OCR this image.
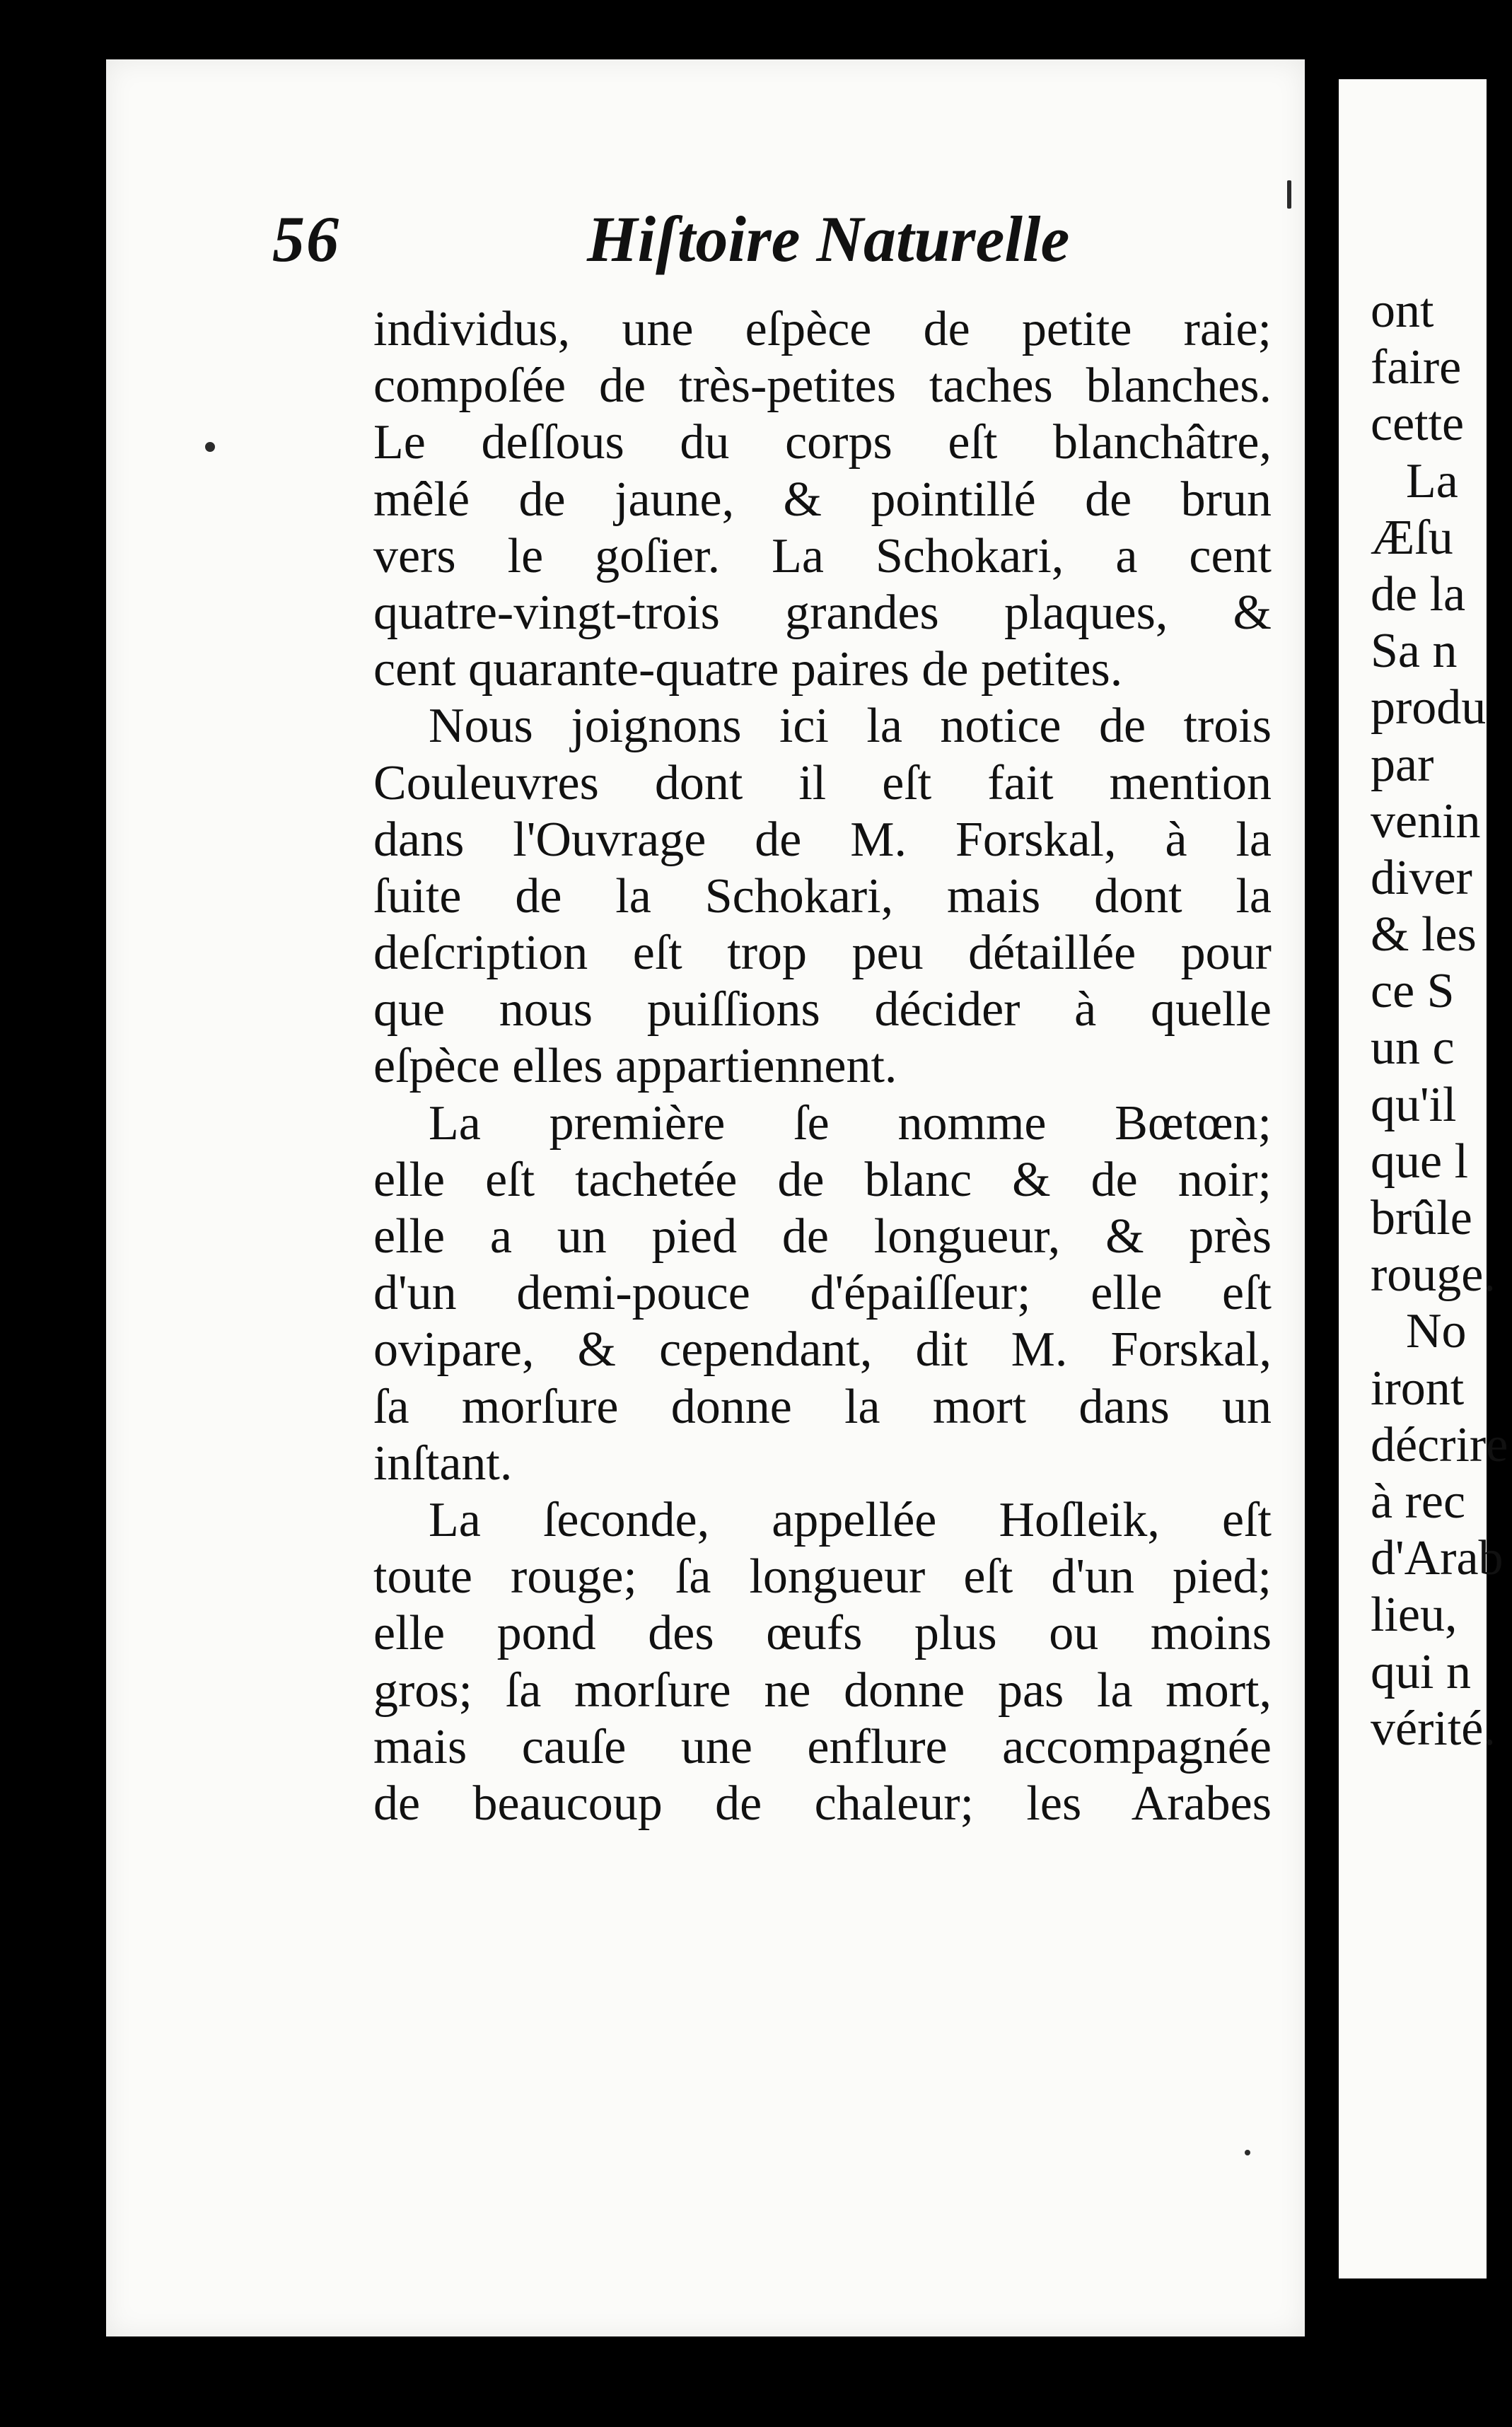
56	Hiſtoire Naturelle
individus, une eſpèce de petite raie;
compoſée de très-petites taches blanches.
Le deſſous du corps eſt blanchâtre,
mêlé de jaune, & pointillé de brun
vers le goſier. La Schokari, a cent
quatre-vingt-trois grandes plaques, &
cent quarante-quatre paires de petites.
Nous joignons ici la notice de trois
Couleuvres dont il eſt fait mention
dans l'Ouvrage de M. Forskal, à la
ſuite de la Schokari, mais dont la
deſcription eſt trop peu détaillée pour
que nous puiſſions décider à quelle
eſpèce elles appartiennent.
La première ſe nomme Bœtœn;
elle eſt tachetée de blanc & de noir;
elle a un pied de longueur, & près
d'un demi-pouce d'épaiſſeur; elle eſt
ovipare, & cependant, dit M. Forskal,
ſa morſure donne la mort dans un
inſtant.
La ſeconde, appellée Hoſleik, eſt
toute rouge; ſa longueur eſt d'un pied;
elle pond des œufs plus ou moins
gros; ſa morſure ne donne pas la mort,
mais cauſe une enflure accompagnée
de beaucoup de chaleur; les Arabes
ont
faire
cette
La
Æſu
de la
Sa n
produ
par
venin
diver
& les
ce S
un c
qu'il
que l
brûle
rouge.
No
iront
décrire
à rec
d'Arab
lieu,
qui n
vérité.
